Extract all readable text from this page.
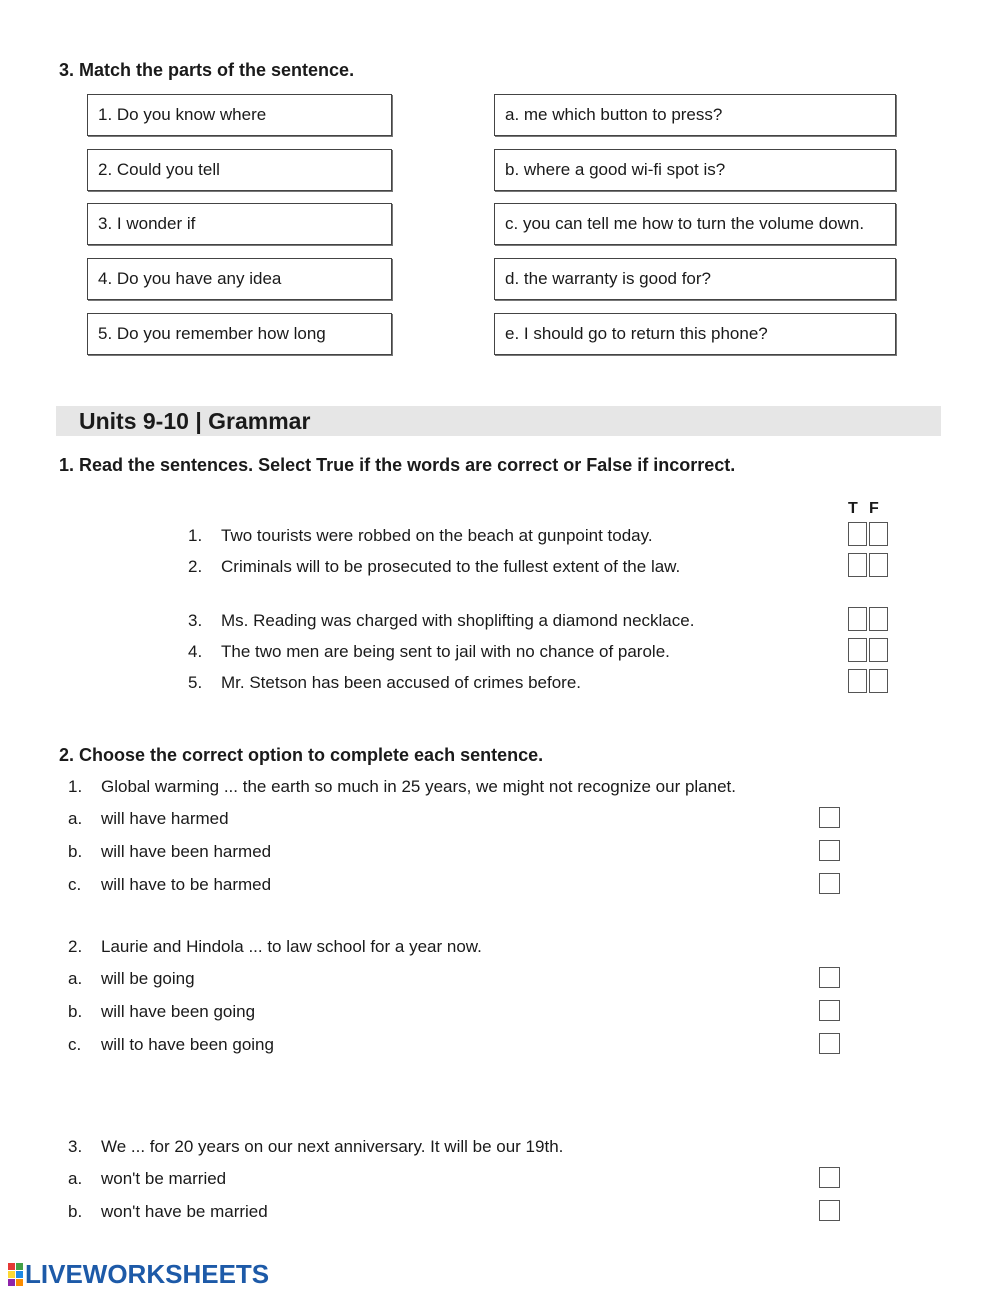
3. Match the parts of the sentence.
1. Do you know where
2. Could you tell
3. I wonder if
4. Do you have any idea
5. Do you remember how long
a. me which button to press?
b. where a good wi-fi spot is?
c. you can tell me how to turn the volume down.
d. the warranty is good for?
e. I should go to return this phone?
Units 9-10 | Grammar
1. Read the sentences. Select True if the words are correct or False if incorrect.
T F
1. Two tourists were robbed on the beach at gunpoint today.
2. Criminals will to be prosecuted to the fullest extent of the law.
3. Ms. Reading was charged with shoplifting a diamond necklace.
4. The two men are being sent to jail with no chance of parole.
5. Mr. Stetson has been accused of crimes before.
2. Choose the correct option to complete each sentence.
1. Global warming ... the earth so much in 25 years, we might not recognize our planet.
a. will have harmed
b. will have been harmed
c. will have to be harmed
2. Laurie and Hindola ... to law school for a year now.
a. will be going
b. will have been going
c. will to have been going
3. We ... for 20 years on our next anniversary. It will be our 19th.
a. won't be married
b. won't have be married
LIVEWORKSHEETS
